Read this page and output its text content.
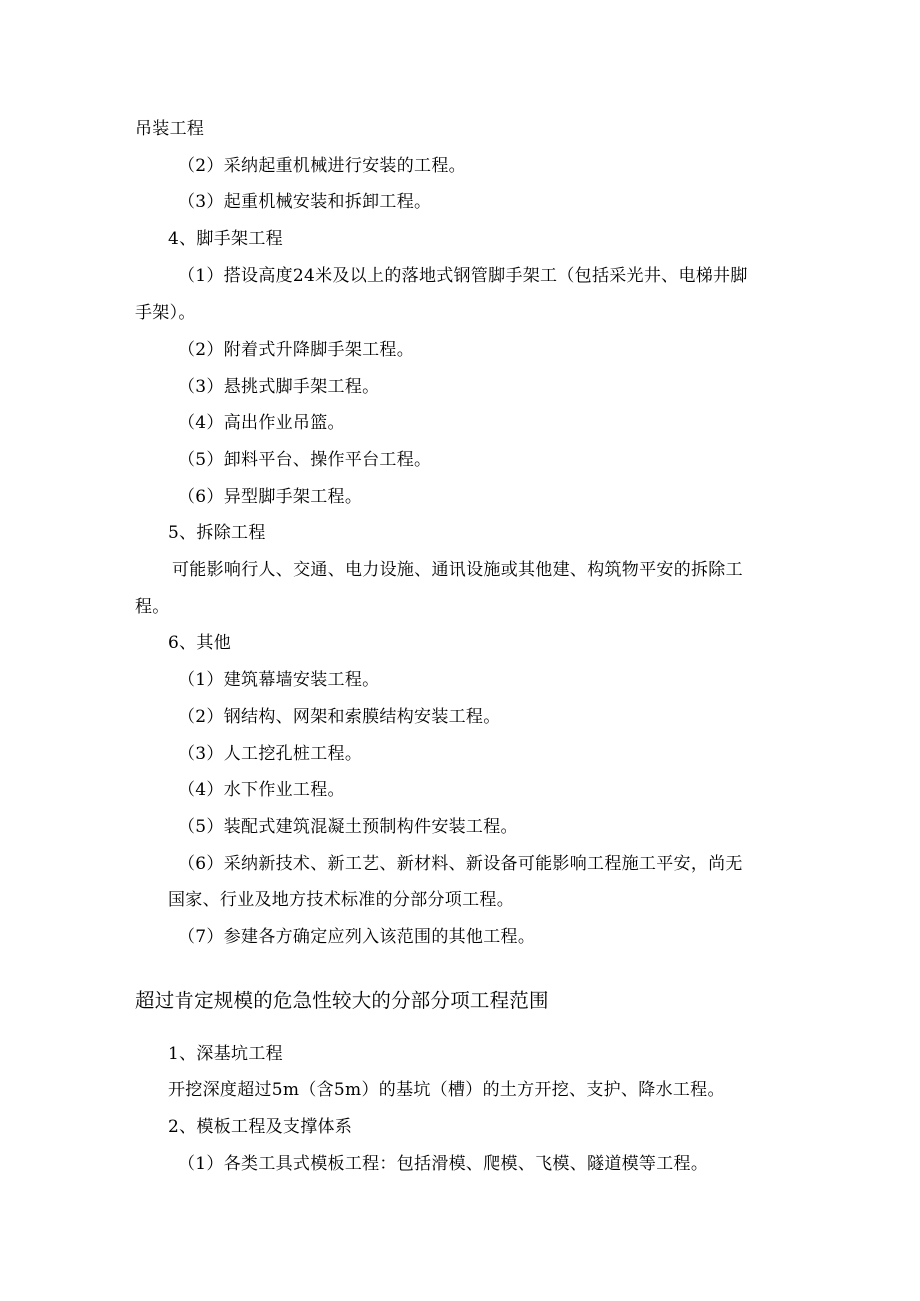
吊装工程
（2）采纳起重机械进行安装的工程。
（3）起重机械安装和拆卸工程。
4、脚手架工程
（1）搭设高度24米及以上的落地式钢管脚手架工（包括采光井、电梯井脚
手架）。
（2）附着式升降脚手架工程。
（3）悬挑式脚手架工程。
（4）高出作业吊篮。
（5）卸料平台、操作平台工程。
（6）异型脚手架工程。
5、拆除工程
可能影响行人、交通、电力设施、通讯设施或其他建、构筑物平安的拆除工
程。
6、其他
（1）建筑幕墙安装工程。
（2）钢结构、网架和索膜结构安装工程。
（3）人工挖孔桩工程。
（4）水下作业工程。
（5）装配式建筑混凝土预制构件安装工程。
（6）采纳新技术、新工艺、新材料、新设备可能影响工程施工平安，尚无
国家、行业及地方技术标准的分部分项工程。
（7）参建各方确定应列入该范围的其他工程。
超过肯定规模的危急性较大的分部分项工程范围
1、深基坑工程
开挖深度超过5m（含5m）的基坑（槽）的土方开挖、支护、降水工程。
2、模板工程及支撑体系
（1）各类工具式模板工程：包括滑模、爬模、飞模、隧道模等工程。
